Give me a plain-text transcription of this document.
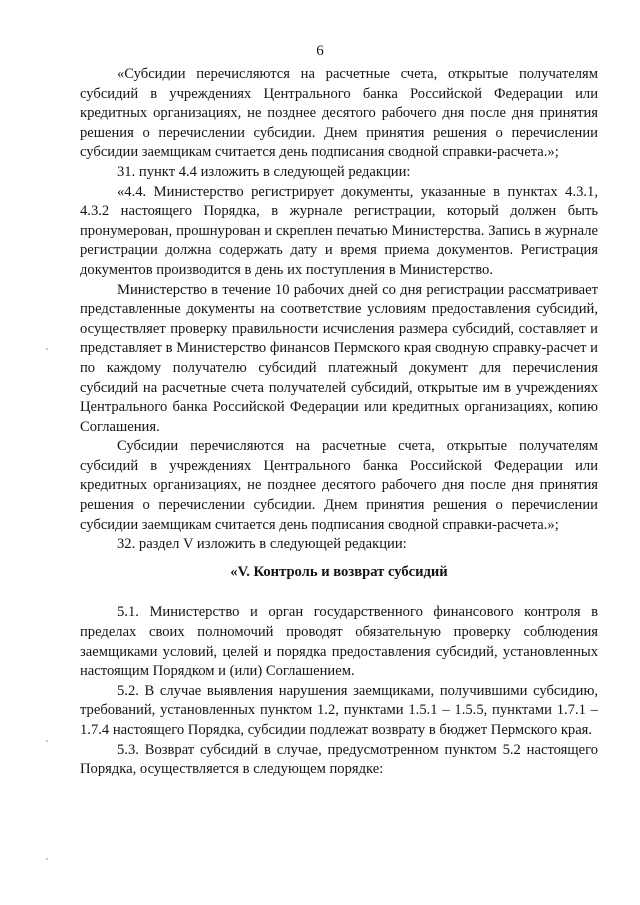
6

«Субсидии перечисляются на расчетные счета, открытые получателям субсидий в учреждениях Центрального банка Российской Федерации или кредитных организациях, не позднее десятого рабочего дня после дня принятия решения о перечислении субсидии. Днем принятия решения о перечислении субсидии заемщикам считается день подписания сводной справки-расчета.»;

31. пункт 4.4 изложить в следующей редакции:

«4.4. Министерство регистрирует документы, указанные в пунктах 4.3.1, 4.3.2 настоящего Порядка, в журнале регистрации, который должен быть пронумерован, прошнурован и скреплен печатью Министерства. Запись в журнале регистрации должна содержать дату и время приема документов. Регистрация документов производится в день их поступления в Министерство.

Министерство в течение 10 рабочих дней со дня регистрации рассматривает представленные документы на соответствие условиям предоставления субсидий, осуществляет проверку правильности исчисления размера субсидий, составляет и представляет в Министерство финансов Пермского края сводную справку-расчет и по каждому получателю субсидий платежный документ для перечисления субсидий на расчетные счета получателей субсидий, открытые им в учреждениях Центрального банка Российской Федерации или кредитных организациях, копию Соглашения.

Субсидии перечисляются на расчетные счета, открытые получателям субсидий в учреждениях Центрального банка Российской Федерации или кредитных организациях, не позднее десятого рабочего дня после дня принятия решения о перечислении субсидии. Днем принятия решения о перечислении субсидии заемщикам считается день подписания сводной справки-расчета.»;

32. раздел V изложить в следующей редакции:

«V. Контроль и возврат субсидий

5.1. Министерство и орган государственного финансового контроля в пределах своих полномочий проводят обязательную проверку соблюдения заемщиками условий, целей и порядка предоставления субсидий, установленных настоящим Порядком и (или) Соглашением.

5.2. В случае выявления нарушения заемщиками, получившими субсидию, требований, установленных пунктом 1.2, пунктами 1.5.1 – 1.5.5, пунктами 1.7.1 – 1.7.4 настоящего Порядка, субсидии подлежат возврату в бюджет Пермского края.

5.3. Возврат субсидий в случае, предусмотренном пунктом 5.2 настоящего Порядка, осуществляется в следующем порядке:
